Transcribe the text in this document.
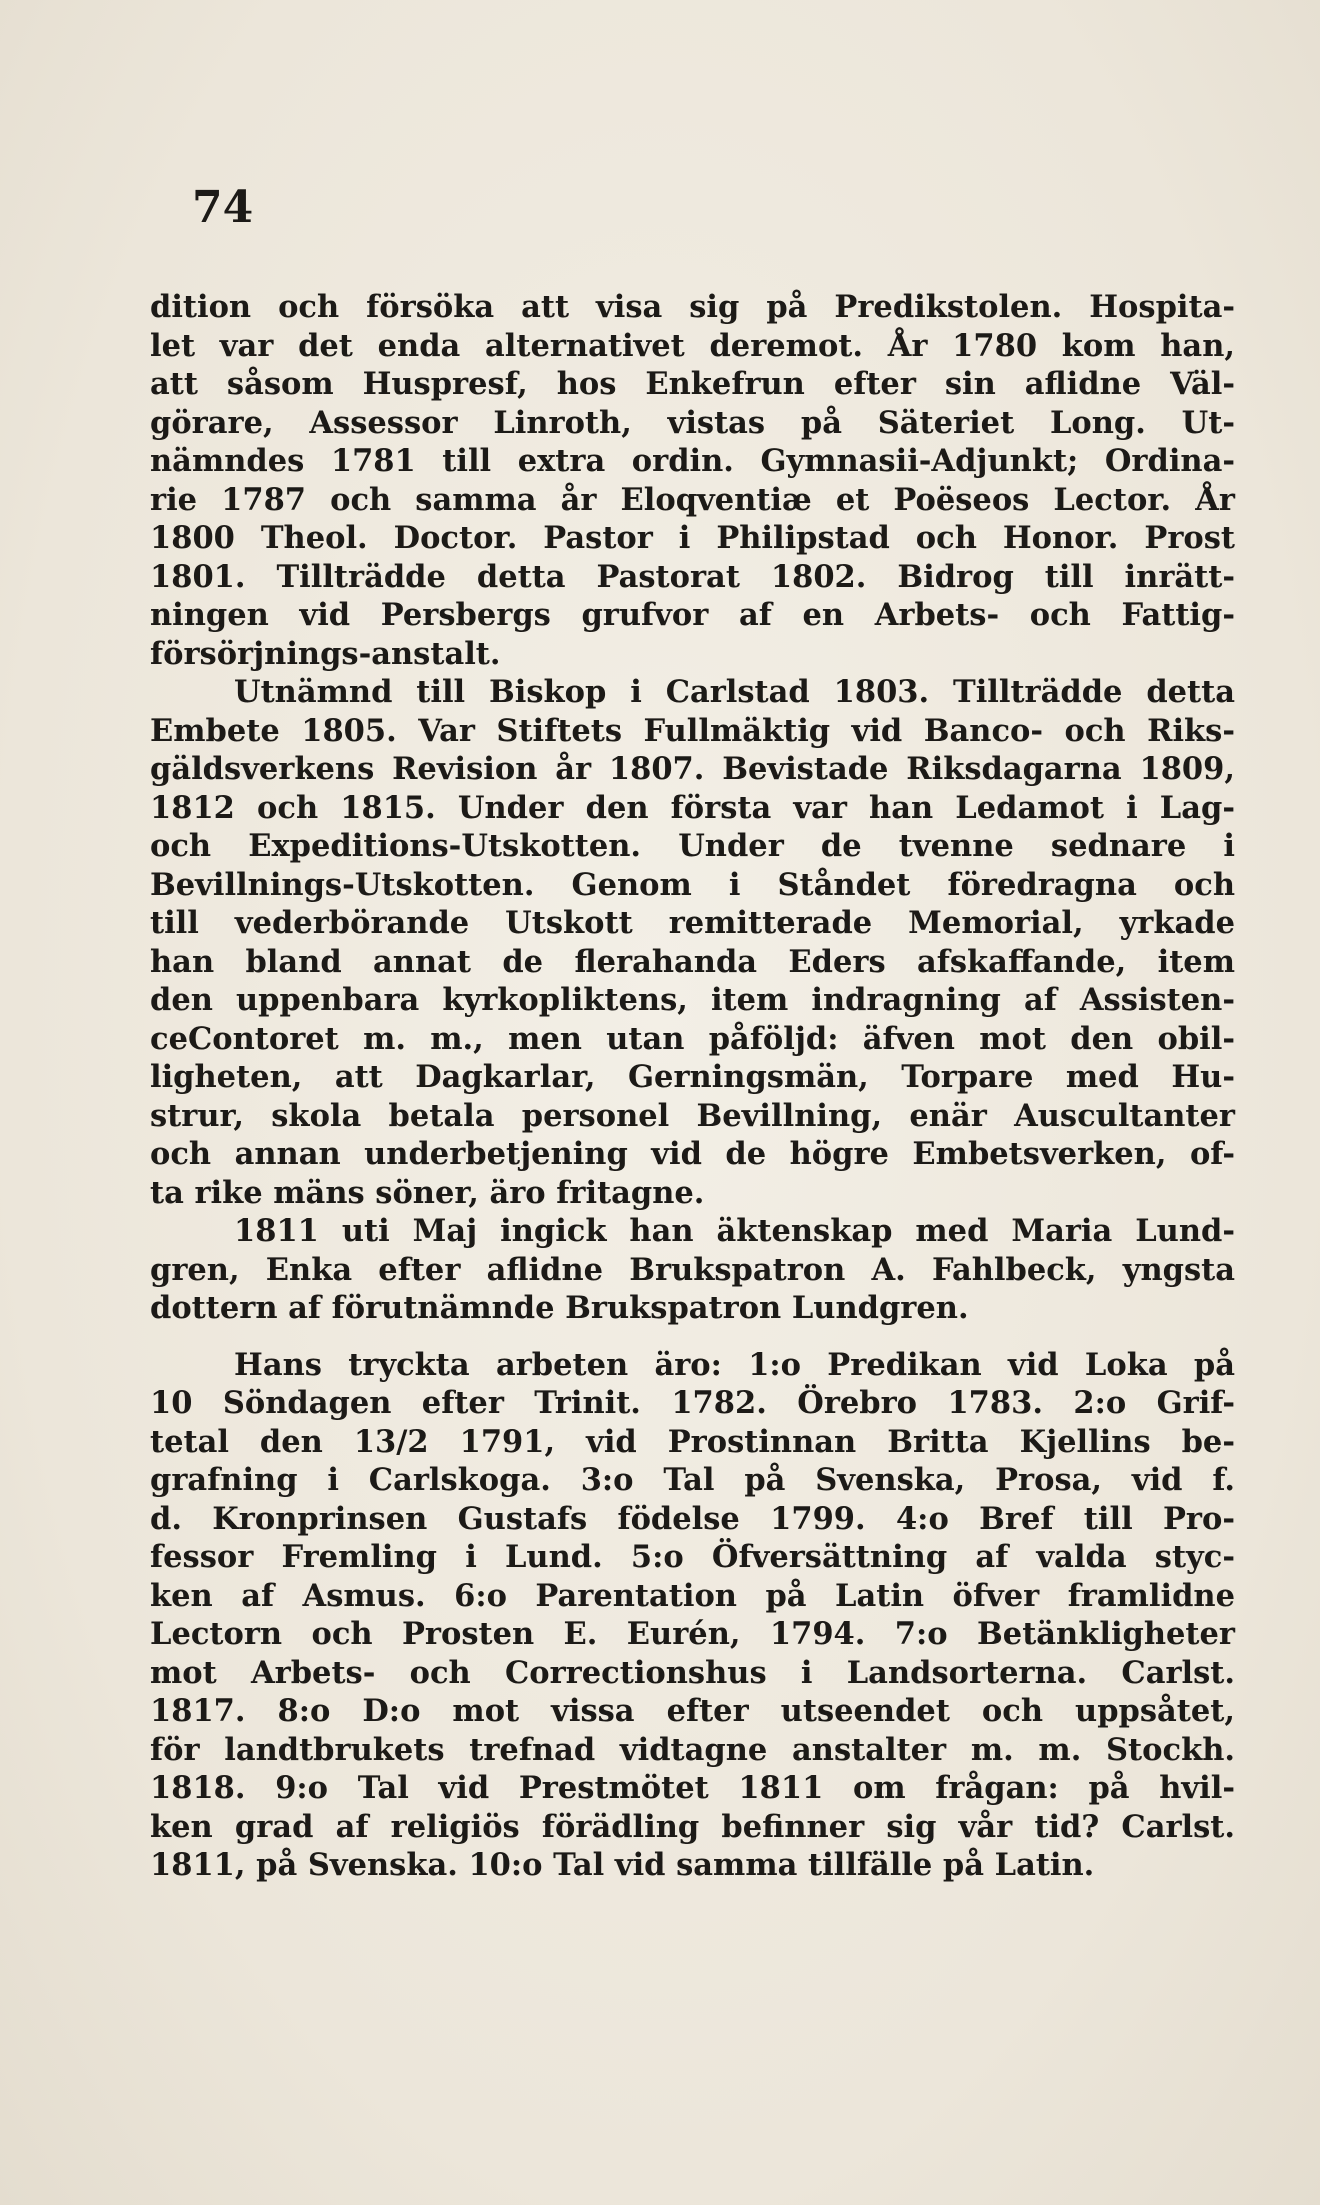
74
dition och försöka att visa sig på Predikstolen. Hospita-
let var det enda alternativet deremot. År 1780 kom han,
att såsom Huspresf, hos Enkefrun efter sin aflidne Väl-
görare, Assessor Linroth, vistas på Säteriet Long. Ut-
nämndes 1781 till extra ordin. Gymnasii-Adjunkt; Ordina-
rie 1787 och samma år Eloqventiæ et Poëseos Lector. År
1800 Theol. Doctor. Pastor i Philipstad och Honor. Prost
1801. Tillträdde detta Pastorat 1802. Bidrog till inrätt-
ningen vid Persbergs grufvor af en Arbets- och Fattig-
försörjnings-anstalt.
Utnämnd till Biskop i Carlstad 1803. Tillträdde detta
Embete 1805. Var Stiftets Fullmäktig vid Banco- och Riks-
gäldsverkens Revision år 1807. Bevistade Riksdagarna 1809,
1812 och 1815. Under den första var han Ledamot i Lag-
och Expeditions-Utskotten. Under de tvenne sednare i
Bevillnings-Utskotten. Genom i Ståndet föredragna och
till vederbörande Utskott remitterade Memorial, yrkade
han bland annat de flerahanda Eders afskaffande, item
den uppenbara kyrkopliktens, item indragning af Assisten-
ceContoret m. m., men utan påföljd: äfven mot den obil-
ligheten, att Dagkarlar, Gerningsmän, Torpare med Hu-
strur, skola betala personel Bevillning, enär Auscultanter
och annan underbetjening vid de högre Embetsverken, of-
ta rike mäns söner, äro fritagne.
1811 uti Maj ingick han äktenskap med Maria Lund-
gren, Enka efter aflidne Brukspatron A. Fahlbeck, yngsta
dottern af förutnämnde Brukspatron Lundgren.
Hans tryckta arbeten äro: 1:o Predikan vid Loka på
10 Söndagen efter Trinit. 1782. Örebro 1783. 2:o Grif-
tetal den 13/2 1791, vid Prostinnan Britta Kjellins be-
grafning i Carlskoga. 3:o Tal på Svenska, Prosa, vid f.
d. Kronprinsen Gustafs födelse 1799. 4:o Bref till Pro-
fessor Fremling i Lund. 5:o Öfversättning af valda styc-
ken af Asmus. 6:o Parentation på Latin öfver framlidne
Lectorn och Prosten E. Eurén, 1794. 7:o Betänkligheter
mot Arbets- och Correctionshus i Landsorterna. Carlst.
1817. 8:o D:o mot vissa efter utseendet och uppsåtet,
för landtbrukets trefnad vidtagne anstalter m. m. Stockh.
1818. 9:o Tal vid Prestmötet 1811 om frågan: på hvil-
ken grad af religiös förädling befinner sig vår tid? Carlst.
1811, på Svenska. 10:o Tal vid samma tillfälle på Latin.
